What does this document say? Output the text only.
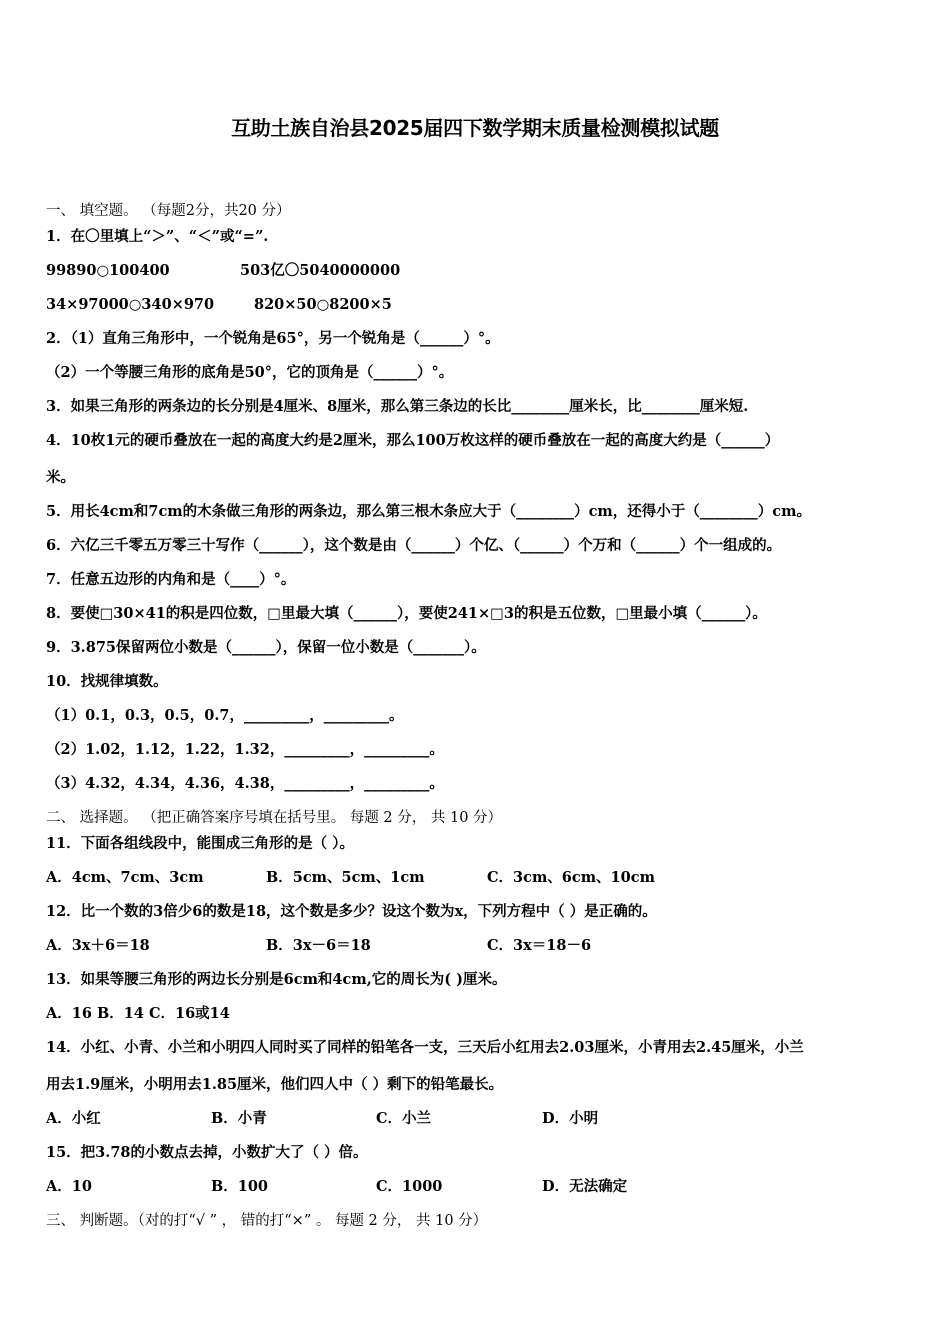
互助土族自治县2025届四下数学期末质量检测模拟试题
一、 填空题。 （每题2分，共20 分）
1．在〇里填上“＞”、“＜”或“=”.
99890○100400	503亿〇5040000000
34×97000○340×970	820×50○8200×5
2．（1）直角三角形中，一个锐角是65°，另一个锐角是（______）°。
（2）一个等腰三角形的底角是50°，它的顶角是（______）°。
3．如果三角形的两条边的长分别是4厘米、8厘米，那么第三条边的长比________厘米长，比________厘米短.
4．10枚1元的硬币叠放在一起的高度大约是2厘米，那么100万枚这样的硬币叠放在一起的高度大约是（______）
米。
5．用长4cm和7cm的木条做三角形的两条边，那么第三根木条应大于（________）cm，还得小于（________）cm。
6．六亿三千零五万零三十写作（______），这个数是由（______）个亿、（______）个万和（______）个一组成的。
7．任意五边形的内角和是（____）°。
8．要使□30×41的积是四位数，□里最大填（______），要使241×□3的积是五位数，□里最小填（______）。
9．3.875保留两位小数是（______），保留一位小数是（_______）。
10．找规律填数。
（1）0.1，0.3，0.5，0.7，_________，_________。
（2）1.02，1.12，1.22，1.32，_________，_________。
（3）4.32，4.34，4.36，4.38，_________，_________。
二、 选择题。 （把正确答案序号填在括号里。 每题 2 分， 共 10 分）
11．下面各组线段中，能围成三角形的是（ ）。
A．4cm、7cm、3cm	B．5cm、5cm、1cm	C．3cm、6cm、10cm
12．比一个数的3倍少6的数是18，这个数是多少？设这个数为x，下列方程中（ ）是正确的。
A．3x＋6＝18	B．3x－6＝18	C．3x＝18－6
13．如果等腰三角形的两边长分别是6cm和4cm,它的周长为( )厘米。
A．16 B．14 C．16或14
14．小红、小青、小兰和小明四人同时买了同样的铅笔各一支，三天后小红用去2.03厘米，小青用去2.45厘米，小兰
用去1.9厘米，小明用去1.85厘米，他们四人中（ ）剩下的铅笔最长。
A．小红	B．小青	C．小兰	D．小明
15．把3.78的小数点去掉，小数扩大了（ ）倍。
A．10	B．100	C．1000	D．无法确定
三、 判断题。（对的打“√ ” ， 错的打“×” 。 每题 2 分， 共 10 分）
